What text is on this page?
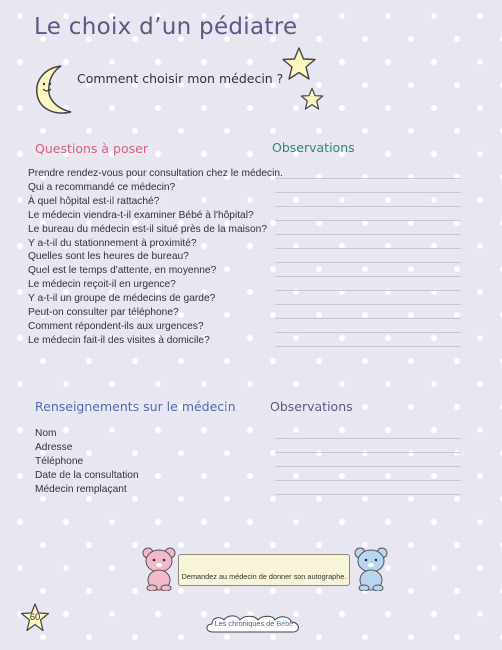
Le choix d’un pédiatre
Comment choisir mon médecin ?
Questions à poser	Observations
Prendre rendez-vous pour consultation chez le médecin.
Qui a recommandé ce médecin?
À quel hôpital est-il rattaché?
Le médecin viendra-t-il examiner Bébé à l'hôpital?
Le bureau du médecin est-il situé près de la maison?
Y a-t-il du stationnement à proximité?
Quelles sont les heures de bureau?
Quel est le temps d'attente, en moyenne?
Le médecin reçoit-il en urgence?
Y a-t-il un groupe de médecins de garde?
Peut-on consulter par téléphone?
Comment répondent-ils aux urgences?
Le médecin fait-il des visites à domicile?
Renseignements sur le médecin	Observations
Nom
Adresse
Téléphone
Date de la consultation
Médecin remplaçant
Demandez au médecin de donner son autographe.
60
Les chroniques de Bébé
